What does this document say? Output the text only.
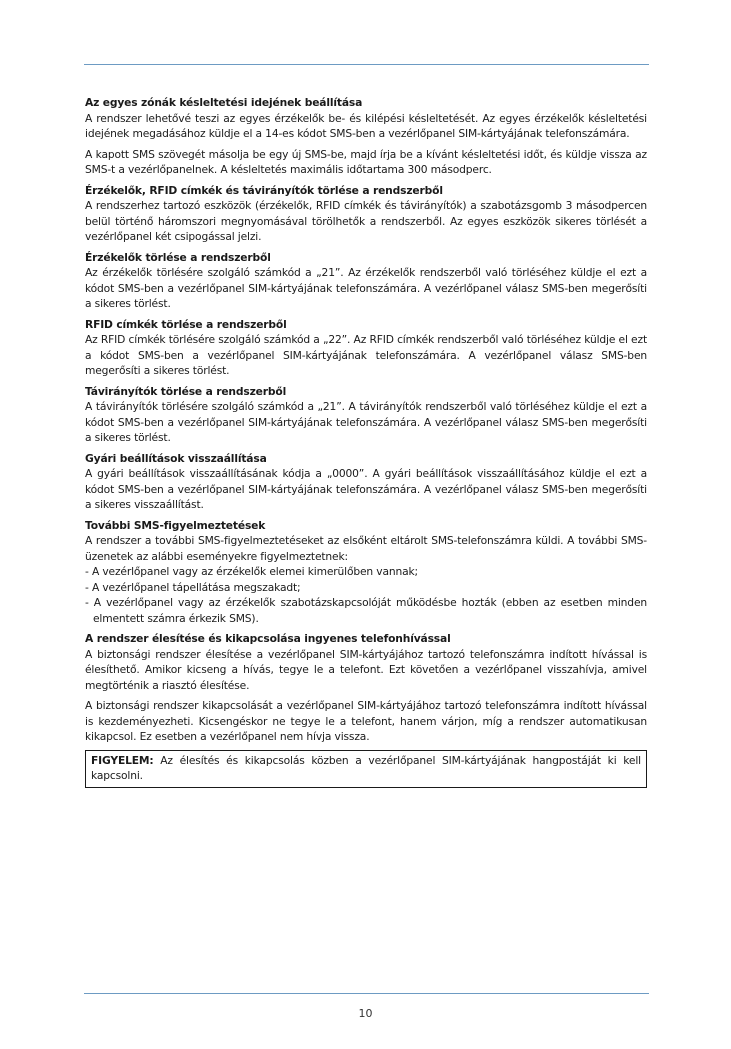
Az egyes zónák késleltetési idejének beállítása

A rendszer lehetővé teszi az egyes érzékelők be- és kilépési késleltetését. Az egyes érzékelők késleltetési idejének megadásához küldje el a 14-es kódot SMS-ben a vezérlőpanel SIM-kártyájának telefonszámára.

A kapott SMS szövegét másolja be egy új SMS-be, majd írja be a kívánt késleltetési időt, és küldje vissza az SMS-t a vezérlőpanelnek. A késleltetés maximális időtartama 300 másodperc.

Érzékelők, RFID címkék és távirányítók törlése a rendszerből

A rendszerhez tartozó eszközök (érzékelők, RFID címkék és távirányítók) a szabotázsgomb 3 másodpercen belül történő háromszori megnyomásával törölhetők a rendszerből. Az egyes eszközök sikeres törlését a vezérlőpanel két csipogással jelzi.

Érzékelők törlése a rendszerből

Az érzékelők törlésére szolgáló számkód a „21”. Az érzékelők rendszerből való törléséhez küldje el ezt a kódot SMS-ben a vezérlőpanel SIM-kártyájának telefonszámára. A vezérlőpanel válasz SMS-ben megerősíti a sikeres törlést.

RFID címkék törlése a rendszerből

Az RFID címkék törlésére szolgáló számkód a „22”. Az RFID címkék rendszerből való törléséhez küldje el ezt a kódot SMS-ben a vezérlőpanel SIM-kártyájának telefonszámára. A vezérlőpanel válasz SMS-ben megerősíti a sikeres törlést.

Távirányítók törlése a rendszerből

A távirányítók törlésére szolgáló számkód a „21”. A távirányítók rendszerből való törléséhez küldje el ezt a kódot SMS-ben a vezérlőpanel SIM-kártyájának telefonszámára. A vezérlőpanel válasz SMS-ben megerősíti a sikeres törlést.

Gyári beállítások visszaállítása

A gyári beállítások visszaállításának kódja a „0000”. A gyári beállítások visszaállításához küldje el ezt a kódot SMS-ben a vezérlőpanel SIM-kártyájának telefonszámára. A vezérlőpanel válasz SMS-ben megerősíti a sikeres visszaállítást.

További SMS-figyelmeztetések

A rendszer a további SMS-figyelmeztetéseket az elsőként eltárolt SMS-telefonszámra küldi. A további SMS-üzenetek az alábbi eseményekre figyelmeztetnek:

- A vezérlőpanel vagy az érzékelők elemei kimerülőben vannak;
- A vezérlőpanel tápellátása megszakadt;
- A vezérlőpanel vagy az érzékelők szabotázskapcsolóját működésbe hozták (ebben az esetben minden elmentett számra érkezik SMS).
A rendszer élesítése és kikapcsolása ingyenes telefonhívással

A biztonsági rendszer élesítése a vezérlőpanel SIM-kártyájához tartozó telefonszámra indított hívással is élesíthető. Amikor kicseng a hívás, tegye le a telefont. Ezt követően a vezérlőpanel visszahívja, amivel megtörténik a riasztó élesítése.

A biztonsági rendszer kikapcsolását a vezérlőpanel SIM-kártyájához tartozó telefonszámra indított hívással is kezdeményezheti. Kicsengéskor ne tegye le a telefont, hanem várjon, míg a rendszer automatikusan kikapcsol. Ez esetben a vezérlőpanel nem hívja vissza.

FIGYELEM: Az élesítés és kikapcsolás közben a vezérlőpanel SIM-kártyájának hangpostáját ki kell kapcsolni.
10
